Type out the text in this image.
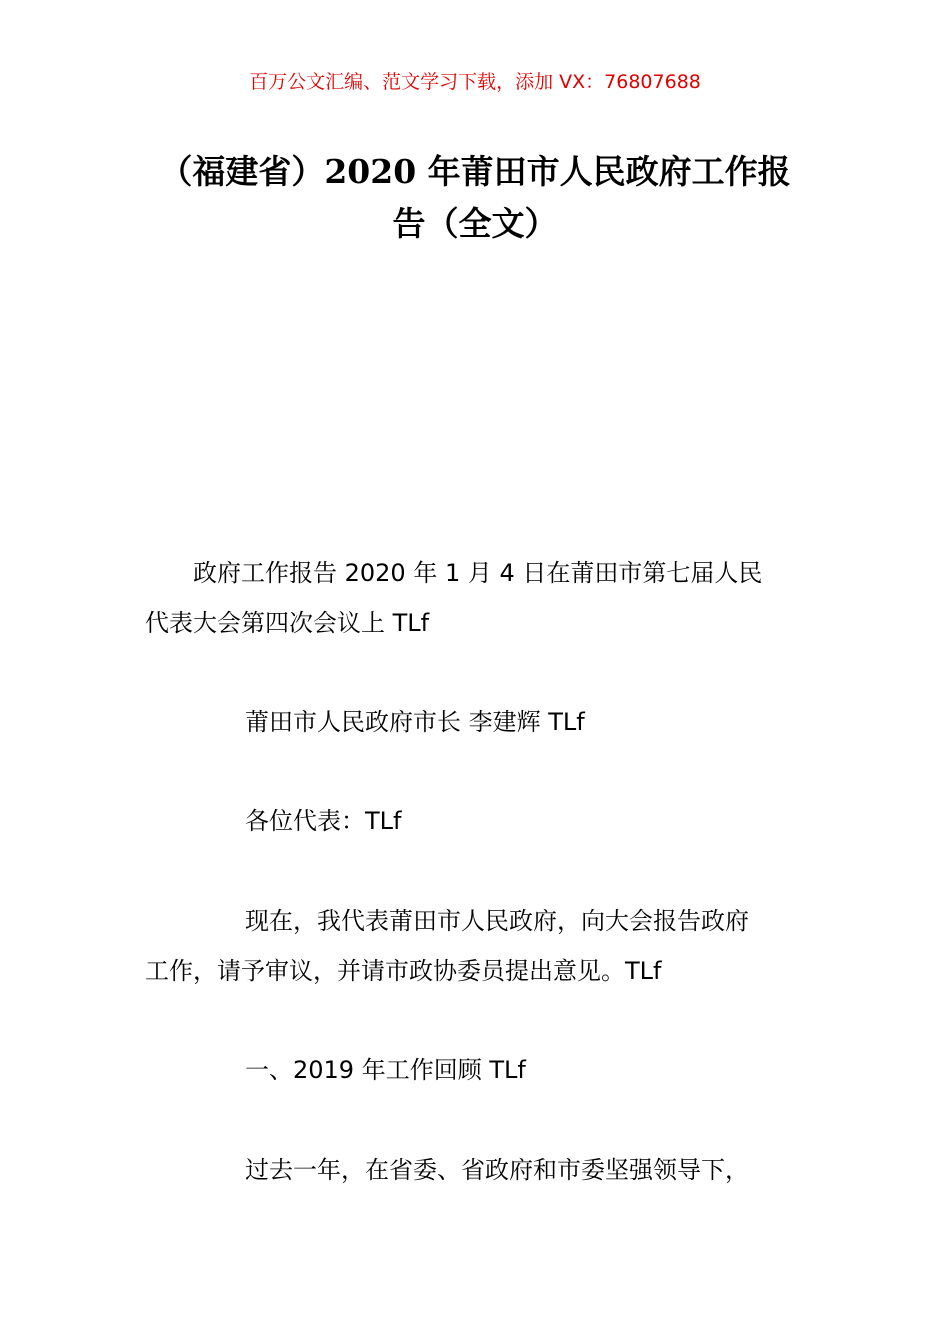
百万公文汇编、范文学习下载，添加 VX：76807688
（福建省）2020 年莆田市人民政府工作报
告（全文）
政府工作报告 2020 年 1 月 4 日在莆田市第七届人民
代表大会第四次会议上 TLf
莆田市人民政府市长 李建辉 TLf
各位代表：TLf
现在，我代表莆田市人民政府，向大会报告政府
工作，请予审议，并请市政协委员提出意见。TLf
一、2019 年工作回顾 TLf
过去一年，在省委、省政府和市委坚强领导下，
